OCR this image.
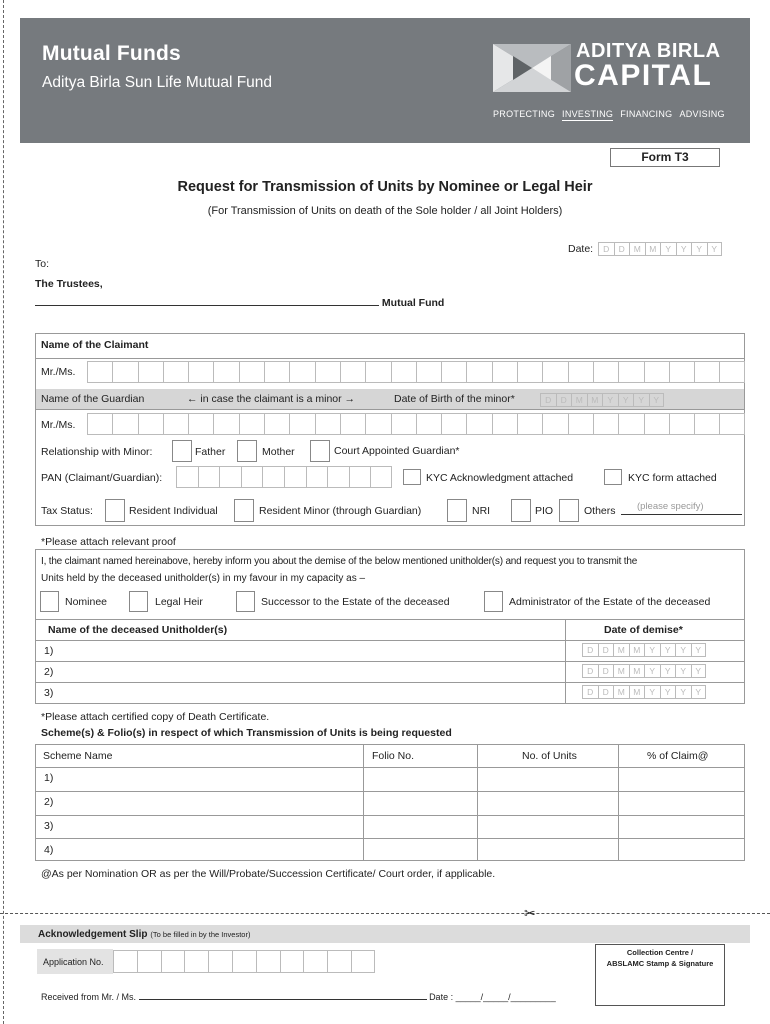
Mutual Funds
Aditya Birla Sun Life Mutual Fund
ADITYA BIRLA
CAPITAL
PROTECTING INVESTING FINANCING ADVISING
Form T3
Request for Transmission of Units by Nominee or Legal Heir
(For Transmission of Units on death of the Sole holder / all Joint Holders)
Date:	D	D	M M	Y	Y	Y	Y
To:
The Trustees,
Mutual Fund
Name of the Claimant
Mr./Ms.
Name of the Guardian	← in case the claimant is a minor →	Date of Birth of the minor*	D	D	M M	Y	Y	Y	Y
Mr./Ms.
Relationship with Minor:	Father	Mother	Court Appointed Guardian*
PAN (Claimant/Guardian):	KYC Acknowledgment attached	KYC form attached
Tax Status:	Resident Individual	Resident Minor (through Guardian)	NRI	PIO	Others (please specify)
*Please attach relevant proof
I, the claimant named hereinabove, hereby inform you about the demise of the below mentioned unitholder(s) and request you to transmit the
Units held by the deceased unitholder(s) in my favour in my capacity as –
Nominee	Legal Heir	Successor to the Estate of the deceased	Administrator of the Estate of the deceased
Name of the deceased Unitholder(s)	Date of demise*
1)	D	D	M M	Y	Y	Y	Y
2)	D	D	M M	Y	Y	Y	Y
3)	D	D	M M	Y	Y	Y	Y
*Please attach certified copy of Death Certificate.
Scheme(s) & Folio(s) in respect of which Transmission of Units is being requested
Scheme Name	Folio No.	No. of Units	% of Claim@
1)
2)
3)
4)
@As per Nomination OR as per the Will/Probate/Succession Certificate/ Court order, if applicable.
✂
Acknowledgement Slip (To be filled in by the Investor)
Application No.
Collection Centre /
ABSLAMC Stamp & Signature
Received from Mr. / Ms.	Date : _____/_____/_________
